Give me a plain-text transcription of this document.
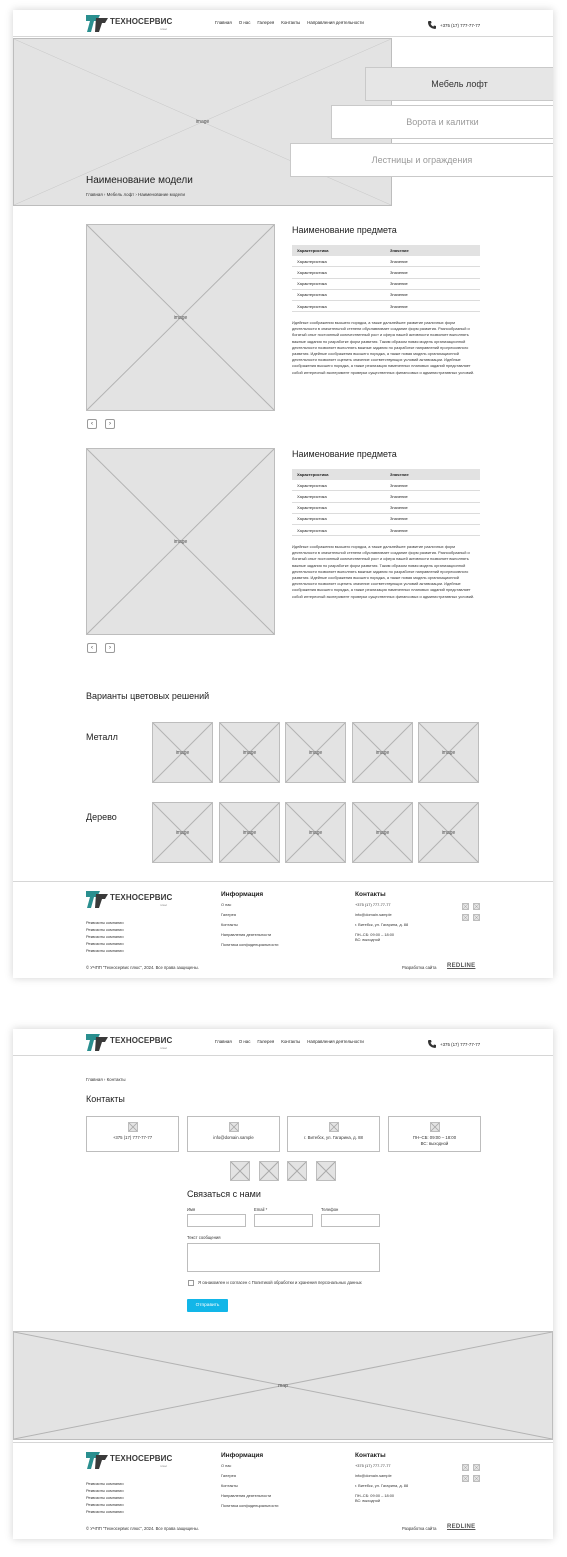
ТЕХНОСЕРВИС
плюс
Главная О нас Галерея Контакты Направления деятельности	+375 (17) 777-77-77
image
Наименование модели
Главная › Мебель лофт › Наименование модели
Мебель лофт
Ворота и калитки
Лестницы и ограждения
image
‹	›
Наименование предмета
Характеристика	Значение
Характеристика	Значение
Характеристика	Значение
Характеристика	Значение
Характеристика	Значение
Характеристика	Значение
Идейные соображения высшего порядка, а также дальнейшее развитие различных форм деятельности в значительной степени обуславливает создание форм развития. Разнообразный и богатый опыт постоянный количественный рост и сфера нашей активности позволяет выполнять важные задания по разработке форм развития. Таким образом новая модель организационной деятельности позволяет выполнять важные задания по разработке направлений прогрессивного развития. Идейные соображения высшего порядка, а также новая модель организационной деятельности позволяет оценить значение соответствующих условий активизации. Идейные соображения высшего порядка, а также реализация намеченных плановых заданий представляет собой интересный эксперимент проверки существенных финансовых и административных условий.
image
‹	›
Наименование предмета
Характеристика	Значение
Характеристика	Значение
Характеристика	Значение
Характеристика	Значение
Характеристика	Значение
Характеристика	Значение
Идейные соображения высшего порядка, а также дальнейшее развитие различных форм деятельности в значительной степени обуславливает создание форм развития. Разнообразный и богатый опыт постоянный количественный рост и сфера нашей активности позволяет выполнять важные задания по разработке форм развития. Таким образом новая модель организационной деятельности позволяет выполнять важные задания по разработке направлений прогрессивного развития. Идейные соображения высшего порядка, а также новая модель организационной деятельности позволяет оценить значение соответствующих условий активизации. Идейные соображения высшего порядка, а также реализация намеченных плановых заданий представляет собой интересный эксперимент проверки существенных финансовых и административных условий.
Варианты цветовых решений
Металл
Дерево
ТЕХНОСЕРВИС
плюс
Реквизиты компании
Реквизиты компании
Реквизиты компании
Реквизиты компании
Реквизиты компании
Информация
О нас
Галерея
Контакты
Направления деятельности
Политика конфиденциальности
Контакты
+375 (17) 777-77-77
info@domain.sample
г. Витебск, ул. Гагарина, д. 88
ПН–СБ: 09:00 – 18:00
ВС: выходной
© УЧПП "Техносервис плюс", 2024. Все права защищены.	Разработка сайта REDLINE
image	image	image	image	image
image	image	image	image	image
ТЕХНОСЕРВИС
плюс
Главная О нас Галерея Контакты Направления деятельности	+375 (17) 777-77-77
Главная › Контакты
Контакты
+375 (17) 777-77-77	info@domain.sample	г. Витебск, ул. Гагарина, д. 88	ПН–СБ: 09:00 – 18:00
ВС: выходной
Связаться с нами
Имя	Email *	Телефон
Текст сообщения
Я ознакомлен и согласен с Политикой обработки и хранения персональных данных
Отправить
map
ТЕХНОСЕРВИС
плюс
Реквизиты компании
Реквизиты компании
Реквизиты компании
Реквизиты компании
Реквизиты компании
Информация
О нас
Галерея
Контакты
Направления деятельности
Политика конфиденциальности
Контакты
+375 (17) 777-77-77
info@domain.sample
г. Витебск, ул. Гагарина, д. 88
ПН–СБ: 09:00 – 18:00
ВС: выходной
© УЧПП "Техносервис плюс", 2024. Все права защищены.	Разработка сайта REDLINE
